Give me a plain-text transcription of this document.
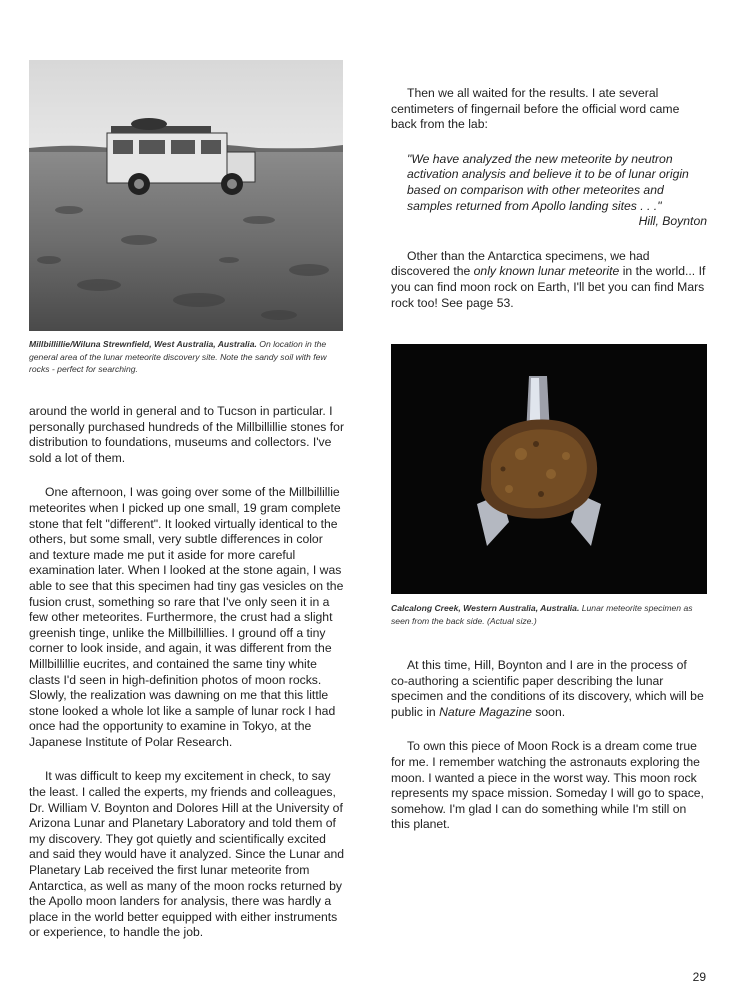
Millbillillie/Wiluna Strewnfield, West Australia, Australia. On location in the general area of the lunar meteorite discovery site. Note the sandy soil with few rocks - perfect for searching.

around the world in general and to Tucson in particular. I personally purchased hundreds of the Millbillillie stones for distribution to foundations, museums and collectors. I've sold a lot of them.

One afternoon, I was going over some of the Millbillillie meteorites when I picked up one small, 19 gram complete stone that felt "different". It looked virtually identical to the others, but some small, very subtle differences in color and texture made me put it aside for more careful examination later. When I looked at the stone again, I was able to see that this specimen had tiny gas vesicles on the fusion crust, something so rare that I've only seen it in a few other meteorites. Furthermore, the crust had a slight greenish tinge, unlike the Millbillillies. I ground off a tiny corner to look inside, and again, it was different from the Millbillillie eucrites, and contained the same tiny white clasts I'd seen in high-definition photos of moon rocks. Slowly, the realization was dawning on me that this little stone looked a whole lot like a sample of lunar rock I had once had the opportunity to examine in Tokyo, at the Japanese Institute of Polar Research.

It was difficult to keep my excitement in check, to say the least. I called the experts, my friends and colleagues, Dr. William V. Boynton and Dolores Hill at the University of Arizona Lunar and Planetary Laboratory and told them of my discovery. They got quietly and scientifically excited and said they would have it analyzed. Since the Lunar and Planetary Lab received the first lunar meteorite from Antarctica, as well as many of the moon rocks returned by the Apollo moon landers for analysis, there was hardly a place in the world better equipped with either instruments or experience, to handle the job.

Then we all waited for the results. I ate several centimeters of fingernail before the official word came back from the lab:

"We have analyzed the new meteorite by neutron activation analysis and believe it to be of lunar origin based on comparison with other meteorites and samples returned from Apollo landing sites . . ."

Hill, Boynton

Other than the Antarctica specimens, we had discovered the only known lunar meteorite in the world... If you can find moon rock on Earth, I'll bet you can find Mars rock too! See page 53.

Calcalong Creek, Western Australia, Australia. Lunar meteorite specimen as seen from the back side. (Actual size.)

At this time, Hill, Boynton and I are in the process of co-authoring a scientific paper describing the lunar specimen and the conditions of its discovery, which will be public in Nature Magazine soon.

To own this piece of Moon Rock is a dream come true for me. I remember watching the astronauts exploring the moon. I wanted a piece in the worst way. This moon rock represents my space mission. Someday I will go to space, somehow. I'm glad I can do something while I'm still on this planet.

29
